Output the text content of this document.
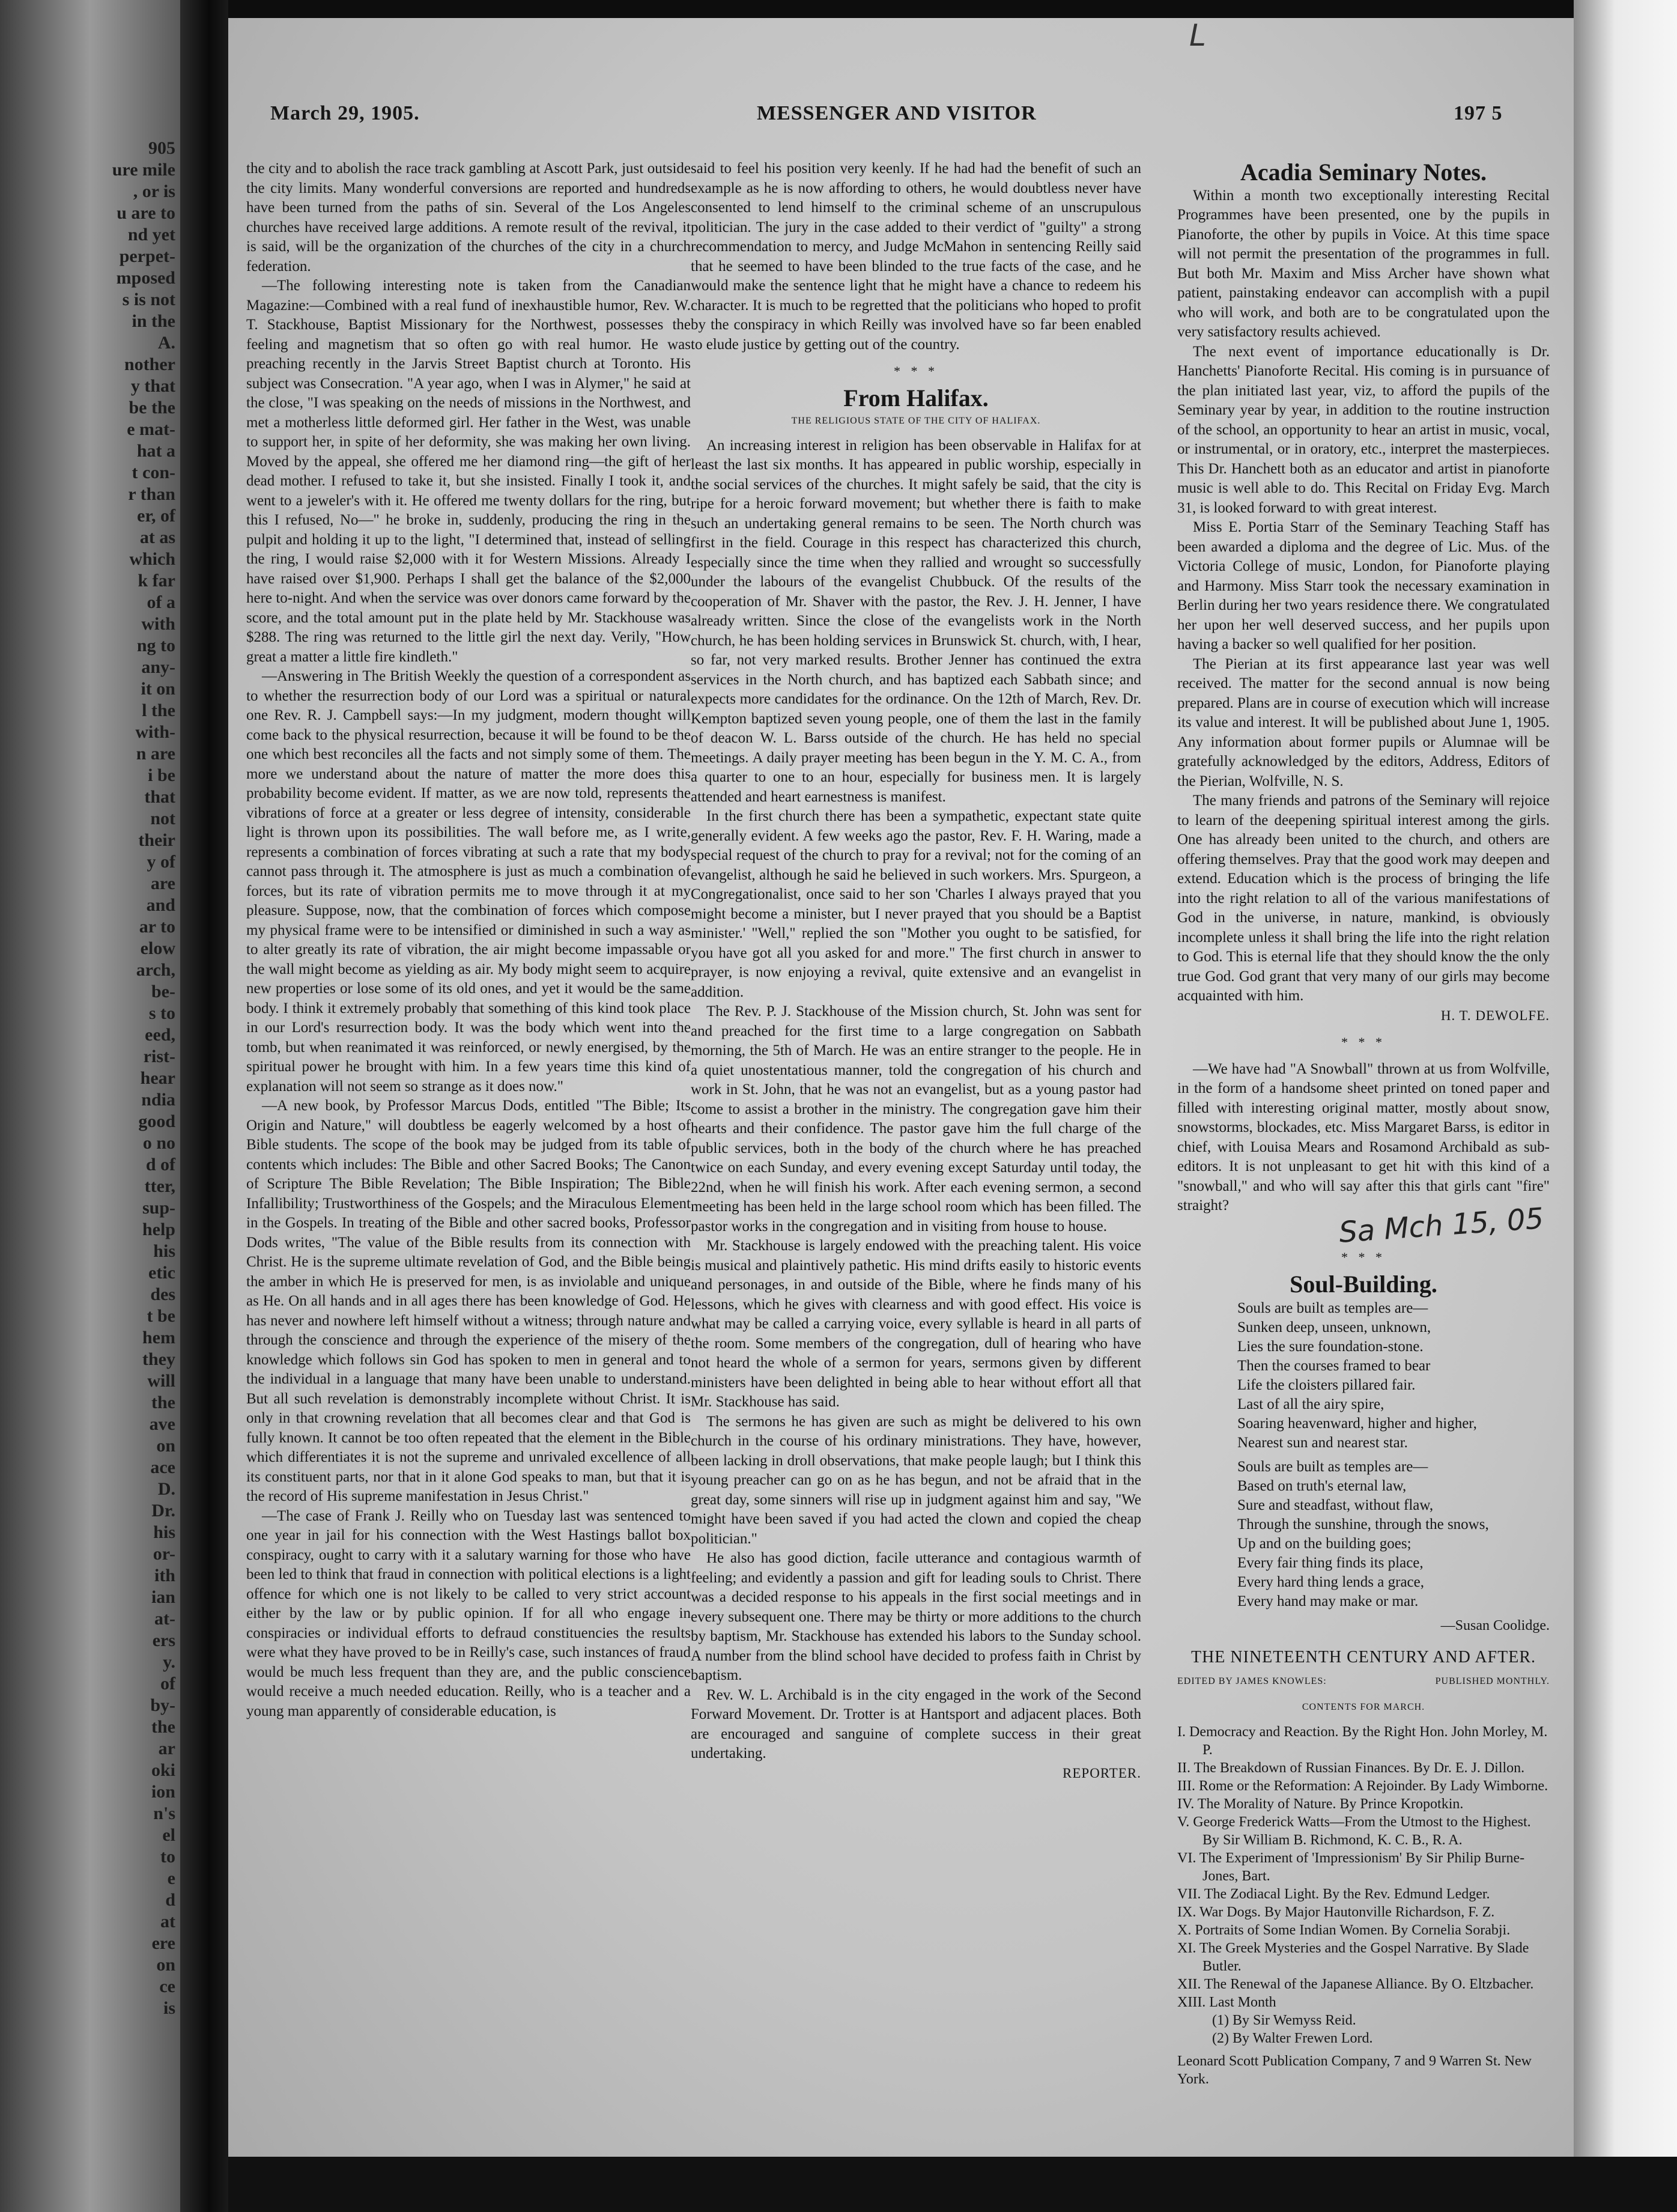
905
ure mile
, or is
u are to
nd yet
perpet-
mposed
s is not
in the
A.
nother
y that
be the
e mat-
hat a
t con-
r than
er, of
at as
which
k far
of a
with
ng to
any-
it on
l the
with-
n are
i be
that
not
their
y of
are
and
ar to
elow
arch,
be-
s to
eed,
rist-
hear
ndia
good
o no
d of
tter,
sup-
help
his
etic
des
t be
hem
they
will
the
ave
on
ace
D.
Dr.
his
or-
ith
ian
at-
ers
y.
of
by-
the
ar
oki
ion
n's
el
to
e
d
at
ere
on
ce
is
L
March 29, 1905.	MESSENGER AND VISITOR	197 5

the city and to abolish the race track gambling at Ascott Park, just outside the city limits. Many wonderful conversions are reported and hundreds have been turned from the paths of sin. Several of the Los Angeles churches have received large additions. A remote result of the revival, it is said, will be the organization of the churches of the city in a church federation.

—The following interesting note is taken from the Canadian Magazine:—Combined with a real fund of inexhaustible humor, Rev. W. T. Stackhouse, Baptist Missionary for the Northwest, possesses the feeling and magnetism that so often go with real humor. He was preaching recently in the Jarvis Street Baptist church at Toronto. His subject was Consecration. "A year ago, when I was in Alymer," he said at the close, "I was speaking on the needs of missions in the Northwest, and met a motherless little deformed girl. Her father in the West, was unable to support her, in spite of her deformity, she was making her own living. Moved by the appeal, she offered me her diamond ring—the gift of her dead mother. I refused to take it, but she insisted. Finally I took it, and went to a jeweler's with it. He offered me twenty dollars for the ring, but this I refused, No—" he broke in, suddenly, producing the ring in the pulpit and holding it up to the light, "I determined that, instead of selling the ring, I would raise $2,000 with it for Western Missions. Already I have raised over $1,900. Perhaps I shall get the balance of the $2,000 here to-night. And when the service was over donors came forward by the score, and the total amount put in the plate held by Mr. Stackhouse was $288. The ring was returned to the little girl the next day. Verily, "How great a matter a little fire kindleth."

—Answering in The British Weekly the question of a correspondent as to whether the resurrection body of our Lord was a spiritual or natural one Rev. R. J. Campbell says:—In my judgment, modern thought will come back to the physical resurrection, because it will be found to be the one which best reconciles all the facts and not simply some of them. The more we understand about the nature of matter the more does this probability become evident. If matter, as we are now told, represents the vibrations of force at a greater or less degree of intensity, considerable light is thrown upon its possibilities. The wall before me, as I write, represents a combination of forces vibrating at such a rate that my body cannot pass through it. The atmosphere is just as much a combination of forces, but its rate of vibration permits me to move through it at my pleasure. Suppose, now, that the combination of forces which compose my physical frame were to be intensified or diminished in such a way as to alter greatly its rate of vibration, the air might become impassable or the wall might become as yielding as air. My body might seem to acquire new properties or lose some of its old ones, and yet it would be the same body. I think it extremely probably that something of this kind took place in our Lord's resurrection body. It was the body which went into the tomb, but when reanimated it was reinforced, or newly energised, by the spiritual power he brought with him. In a few years time this kind of explanation will not seem so strange as it does now."

—A new book, by Professor Marcus Dods, entitled "The Bible; Its Origin and Nature," will doubtless be eagerly welcomed by a host of Bible students. The scope of the book may be judged from its table of contents which includes: The Bible and other Sacred Books; The Canon of Scripture The Bible Revelation; The Bible Inspiration; The Bible Infallibility; Trustworthiness of the Gospels; and the Miraculous Element in the Gospels. In treating of the Bible and other sacred books, Professor Dods writes, "The value of the Bible results from its connection with Christ. He is the supreme ultimate revelation of God, and the Bible being the amber in which He is preserved for men, is as inviolable and unique as He. On all hands and in all ages there has been knowledge of God. He has never and nowhere left himself without a witness; through nature and through the conscience and through the experience of the misery of the knowledge which follows sin God has spoken to men in general and to the individual in a language that many have been unable to understand. But all such revelation is demonstrably incomplete without Christ. It is only in that crowning revelation that all becomes clear and that God is fully known. It cannot be too often repeated that the element in the Bible which differentiates it is not the supreme and unrivaled excellence of all its constituent parts, nor that in it alone God speaks to man, but that it is the record of His supreme manifestation in Jesus Christ."

—The case of Frank J. Reilly who on Tuesday last was sentenced to one year in jail for his connection with the West Hastings ballot box conspiracy, ought to carry with it a salutary warning for those who have been led to think that fraud in connection with political elections is a light offence for which one is not likely to be called to very strict account either by the law or by public opinion. If for all who engage in conspiracies or individual efforts to defraud constituencies the results were what they have proved to be in Reilly's case, such instances of fraud would be much less frequent than they are, and the public conscience would receive a much needed education. Reilly, who is a teacher and a young man apparently of considerable education, is

said to feel his position very keenly. If he had had the benefit of such an example as he is now affording to others, he would doubtless never have consented to lend himself to the criminal scheme of an unscrupulous politician. The jury in the case added to their verdict of "guilty" a strong recommendation to mercy, and Judge McMahon in sentencing Reilly said that he seemed to have been blinded to the true facts of the case, and he would make the sentence light that he might have a chance to redeem his character. It is much to be regretted that the politicians who hoped to profit by the conspiracy in which Reilly was involved have so far been enabled to elude justice by getting out of the country.

* * *
From Halifax.
THE RELIGIOUS STATE OF THE CITY OF HALIFAX.

An increasing interest in religion has been observable in Halifax for at least the last six months. It has appeared in public worship, especially in the social services of the churches. It might safely be said, that the city is ripe for a heroic forward movement; but whether there is faith to make such an undertaking general remains to be seen. The North church was first in the field. Courage in this respect has characterized this church, especially since the time when they rallied and wrought so successfully under the labours of the evangelist Chubbuck. Of the results of the cooperation of Mr. Shaver with the pastor, the Rev. J. H. Jenner, I have already written. Since the close of the evangelists work in the North church, he has been holding services in Brunswick St. church, with, I hear, so far, not very marked results. Brother Jenner has continued the extra services in the North church, and has baptized each Sabbath since; and expects more candidates for the ordinance. On the 12th of March, Rev. Dr. Kempton baptized seven young people, one of them the last in the family of deacon W. L. Barss outside of the church. He has held no special meetings. A daily prayer meeting has been begun in the Y. M. C. A., from a quarter to one to an hour, especially for business men. It is largely attended and heart earnestness is manifest.

In the first church there has been a sympathetic, expectant state quite generally evident. A few weeks ago the pastor, Rev. F. H. Waring, made a special request of the church to pray for a revival; not for the coming of an evangelist, although he said he believed in such workers. Mrs. Spurgeon, a Congregationalist, once said to her son 'Charles I always prayed that you might become a minister, but I never prayed that you should be a Baptist minister.' "Well," replied the son "Mother you ought to be satisfied, for you have got all you asked for and more." The first church in answer to prayer, is now enjoying a revival, quite extensive and an evangelist in addition.

The Rev. P. J. Stackhouse of the Mission church, St. John was sent for and preached for the first time to a large congregation on Sabbath morning, the 5th of March. He was an entire stranger to the people. He in a quiet unostentatious manner, told the congregation of his church and work in St. John, that he was not an evangelist, but as a young pastor had come to assist a brother in the ministry. The congregation gave him their hearts and their confidence. The pastor gave him the full charge of the public services, both in the body of the church where he has preached twice on each Sunday, and every evening except Saturday until today, the 22nd, when he will finish his work. After each evening sermon, a second meeting has been held in the large school room which has been filled. The pastor works in the congregation and in visiting from house to house.

Mr. Stackhouse is largely endowed with the preaching talent. His voice is musical and plaintively pathetic. His mind drifts easily to historic events and personages, in and outside of the Bible, where he finds many of his lessons, which he gives with clearness and with good effect. His voice is what may be called a carrying voice, every syllable is heard in all parts of the room. Some members of the congregation, dull of hearing who have not heard the whole of a sermon for years, sermons given by different ministers have been delighted in being able to hear without effort all that Mr. Stackhouse has said.

The sermons he has given are such as might be delivered to his own church in the course of his ordinary ministrations. They have, however, been lacking in droll observations, that make people laugh; but I think this young preacher can go on as he has begun, and not be afraid that in the great day, some sinners will rise up in judgment against him and say, "We might have been saved if you had acted the clown and copied the cheap politician."

He also has good diction, facile utterance and contagious warmth of feeling; and evidently a passion and gift for leading souls to Christ. There was a decided response to his appeals in the first social meetings and in every subsequent one. There may be thirty or more additions to the church by baptism, Mr. Stackhouse has extended his labors to the Sunday school. A number from the blind school have decided to profess faith in Christ by baptism.

Rev. W. L. Archibald is in the city engaged in the work of the Second Forward Movement. Dr. Trotter is at Hantsport and adjacent places. Both are encouraged and sanguine of complete success in their great undertaking.

REPORTER.
Acadia Seminary Notes.

Within a month two exceptionally interesting Recital Programmes have been presented, one by the pupils in Pianoforte, the other by pupils in Voice. At this time space will not permit the presentation of the programmes in full. But both Mr. Maxim and Miss Archer have shown what patient, painstaking endeavor can accomplish with a pupil who will work, and both are to be congratulated upon the very satisfactory results achieved.

The next event of importance educationally is Dr. Hanchetts' Pianoforte Recital. His coming is in pursuance of the plan initiated last year, viz, to afford the pupils of the Seminary year by year, in addition to the routine instruction of the school, an opportunity to hear an artist in music, vocal, or instrumental, or in oratory, etc., interpret the masterpieces. This Dr. Hanchett both as an educator and artist in pianoforte music is well able to do. This Recital on Friday Evg. March 31, is looked forward to with great interest.

Miss E. Portia Starr of the Seminary Teaching Staff has been awarded a diploma and the degree of Lic. Mus. of the Victoria College of music, London, for Pianoforte playing and Harmony. Miss Starr took the necessary examination in Berlin during her two years residence there. We congratulated her upon her well deserved success, and her pupils upon having a backer so well qualified for her position.

The Pierian at its first appearance last year was well received. The matter for the second annual is now being prepared. Plans are in course of execution which will increase its value and interest. It will be published about June 1, 1905. Any information about former pupils or Alumnae will be gratefully acknowledged by the editors, Address, Editors of the Pierian, Wolfville, N. S.

The many friends and patrons of the Seminary will rejoice to learn of the deepening spiritual interest among the girls. One has already been united to the church, and others are offering themselves. Pray that the good work may deepen and extend. Education which is the process of bringing the life into the right relation to all of the various manifestations of God in the universe, in nature, mankind, is obviously incomplete unless it shall bring the life into the right relation to God. This is eternal life that they should know the the only true God. God grant that very many of our girls may become acquainted with him.

H. T. DEWOLFE.
* * *

—We have had "A Snowball" thrown at us from Wolfville, in the form of a handsome sheet printed on toned paper and filled with interesting original matter, mostly about snow, snowstorms, blockades, etc. Miss Margaret Barss, is editor in chief, with Louisa Mears and Rosamond Archibald as sub-editors. It is not unpleasant to get hit with this kind of a "snowball," and who will say after this that girls cant "fire" straight?	Sa Mch 15, 05
* * *
Soul-Building.
Souls are built as temples are—
Sunken deep, unseen, unknown,
Lies the sure foundation-stone.
Then the courses framed to bear
Life the cloisters pillared fair.
Last of all the airy spire,
Soaring heavenward, higher and higher,
Nearest sun and nearest star.
Souls are built as temples are—
Based on truth's eternal law,
Sure and steadfast, without flaw,
Through the sunshine, through the snows,
Up and on the building goes;
Every fair thing finds its place,
Every hard thing lends a grace,
Every hand may make or mar.
—Susan Coolidge.
THE NINETEENTH CENTURY AND AFTER.
EDITED BY JAMES KNOWLES:	PUBLISHED MONTHLY.
CONTENTS FOR MARCH.
I. Democracy and Reaction. By the Right Hon. John Morley, M. P.
II. The Breakdown of Russian Finances. By Dr. E. J. Dillon.
III. Rome or the Reformation: A Rejoinder. By Lady Wimborne.
IV. The Morality of Nature. By Prince Kropotkin.
V. George Frederick Watts—From the Utmost to the Highest. By Sir William B. Richmond, K. C. B., R. A.
VI. The Experiment of 'Impressionism' By Sir Philip Burne-Jones, Bart.
VII. The Zodiacal Light. By the Rev. Edmund Ledger.
IX. War Dogs. By Major Hautonville Richardson, F. Z.
X. Portraits of Some Indian Women. By Cornelia Sorabji.
XI. The Greek Mysteries and the Gospel Narrative. By Slade Butler.
XII. The Renewal of the Japanese Alliance. By O. Eltzbacher.
XIII. Last Month
(1) By Sir Wemyss Reid.
(2) By Walter Frewen Lord.
Leonard Scott Publication Company, 7 and 9 Warren St. New York.
